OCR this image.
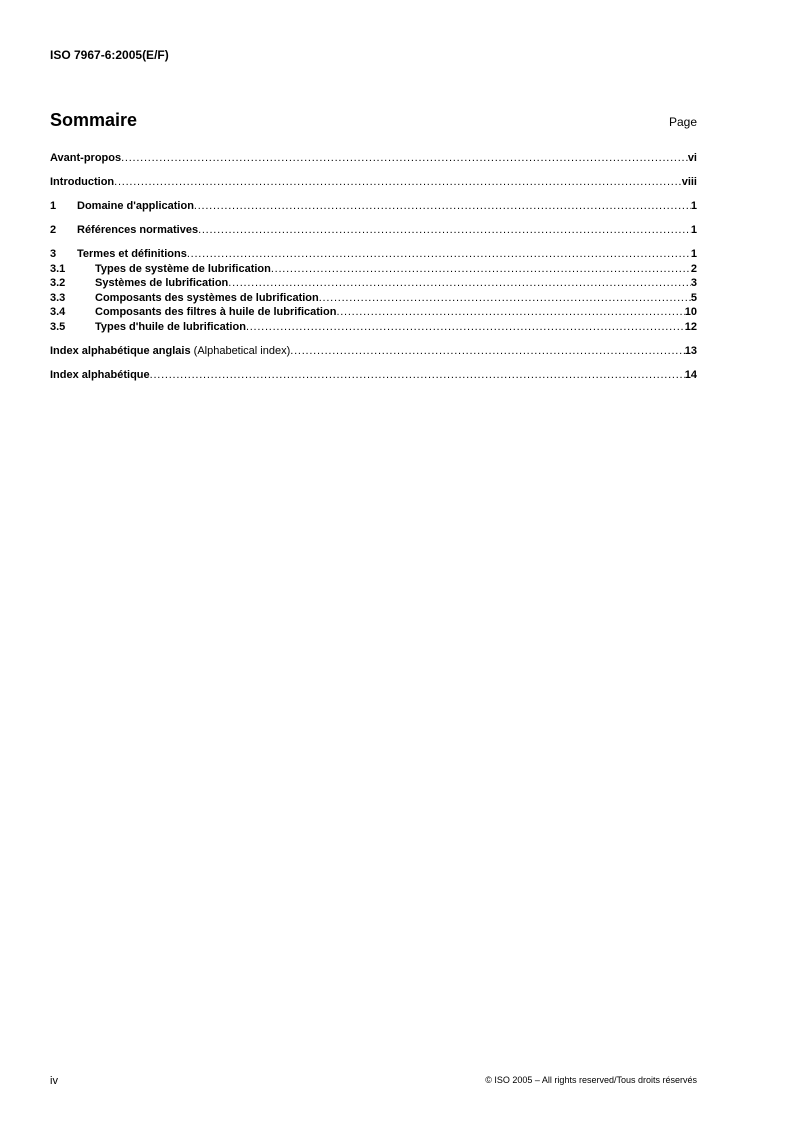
ISO 7967-6:2005(E/F)
Sommaire	Page
Avant-propos . . .	vi
Introduction . . .	viii
1	Domaine d'application . . .	1
2	Références normatives . . .	1
3	Termes et définitions . . .	1
3.1	Types de système de lubrification . . .	2
3.2	Systèmes de lubrification . . .	3
3.3	Composants des systèmes de lubrification . . .	5
3.4	Composants des filtres à huile de lubrification . . .	10
3.5	Types d'huile de lubrification . . .	12
Index alphabétique anglais (Alphabetical index) . . .	13
Index alphabétique . . .	14
iv	© ISO 2005 – All rights reserved/Tous droits réservés
